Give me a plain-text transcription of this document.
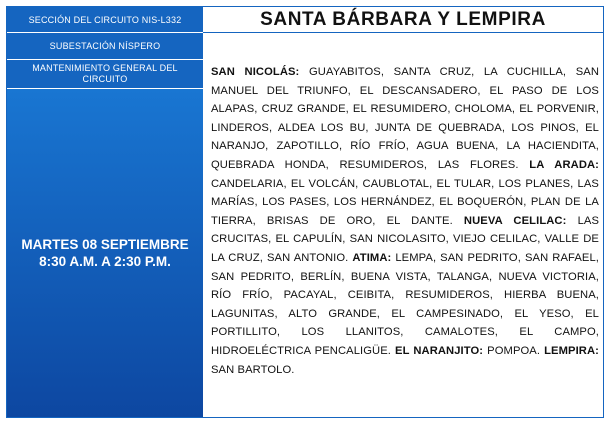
SECCIÓN DEL CIRCUITO NIS-L332
SUBESTACIÓN NÍSPERO
MANTENIMIENTO GENERAL DEL CIRCUITO
MARTES 08 SEPTIEMBRE
8:30 A.M. A 2:30 P.M.
SANTA BÁRBARA Y LEMPIRA
SAN NICOLÁS: GUAYABITOS, SANTA CRUZ, LA CUCHILLA, SAN MANUEL DEL TRIUNFO, EL DESCANSADERO, EL PASO DE LOS ALAPAS, CRUZ GRANDE, EL RESUMIDERO, CHOLOMA, EL PORVENIR, LINDEROS, ALDEA LOS BU, JUNTA DE QUEBRADA, LOS PINOS, EL NARANJO, ZAPOTILLO, RÍO FRÍO, AGUA BUENA, LA HACIENDITA, QUEBRADA HONDA, RESUMIDEROS, LAS FLORES. LA ARADA: CANDELARIA, EL VOLCÁN, CAUBLOTAL, EL TULAR, LOS PLANES, LAS MARÍAS, LOS PASES, LOS HERNÁNDEZ, EL BOQUERÓN, PLAN DE LA TIERRA, BRISAS DE ORO, EL DANTE. NUEVA CELILAC: LAS CRUCITAS, EL CAPULÍN, SAN NICOLASITO, VIEJO CELILAC, VALLE DE LA CRUZ, SAN ANTONIO. ATIMA: LEMPA, SAN PEDRITO, SAN RAFAEL, SAN PEDRITO, BERLÍN, BUENA VISTA, TALANGA, NUEVA VICTORIA, RÍO FRÍO, PACAYAL, CEIBITA, RESUMIDEROS, HIERBA BUENA, LAGUNITAS, ALTO GRANDE, EL CAMPESINADO, EL YESO, EL PORTILLITO, LOS LLANITOS, CAMALOTES, EL CAMPO, HIDROELÉCTRICA PENCALIGÜE. EL NARANJITO: POMPOA. LEMPIRA: SAN BARTOLO.
